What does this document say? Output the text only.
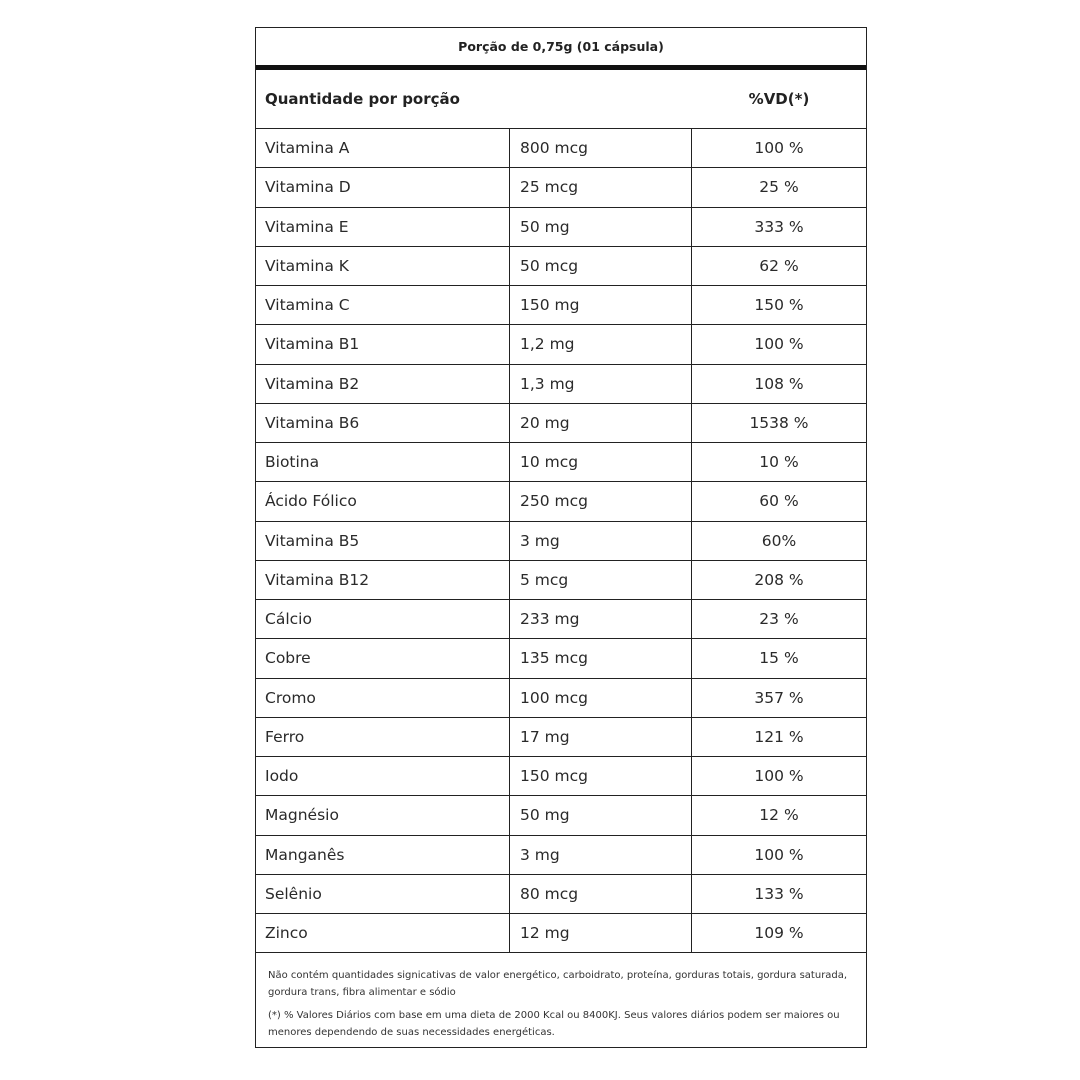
Porção de 0,75g (01 cápsula)
Quantidade por porção	%VD(*)
Vitamina A	800 mcg	100 %
Vitamina D	25 mcg	25 %
Vitamina E	50 mg	333 %
Vitamina K	50 mcg	62 %
Vitamina C	150 mg	150 %
Vitamina B1	1,2 mg	100 %
Vitamina B2	1,3 mg	108 %
Vitamina B6	20 mg	1538 %
Biotina	10 mcg	10 %
Ácido Fólico	250 mcg	60 %
Vitamina B5	3 mg	60%
Vitamina B12	5 mcg	208 %
Cálcio	233 mg	23 %
Cobre	135 mcg	15 %
Cromo	100 mcg	357 %
Ferro	17 mg	121 %
Iodo	150 mcg	100 %
Magnésio	50 mg	12 %
Manganês	3 mg	100 %
Selênio	80 mcg	133 %
Zinco	12 mg	109 %

Não contém quantidades signicativas de valor energético, carboidrato, proteína, gorduras totais, gordura saturada, gordura trans, fibra alimentar e sódio

(*) % Valores Diários com base em uma dieta de 2000 Kcal ou 8400KJ. Seus valores diários podem ser maiores ou menores dependendo de suas necessidades energéticas.
